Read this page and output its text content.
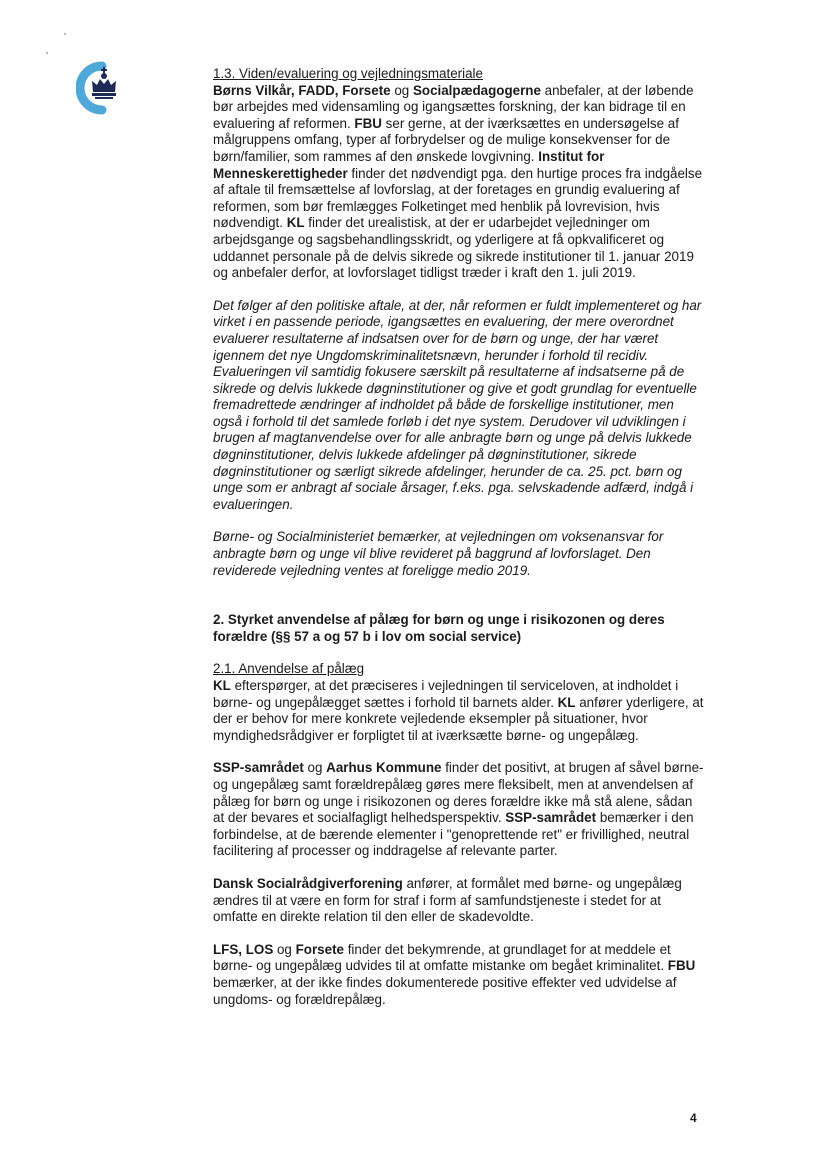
1.3. Viden/evaluering og vejledningsmateriale

Børns Vilkår, FADD, Forsete og Socialpædagogerne anbefaler, at der løbende bør arbejdes med vidensamling og igangsættes forskning, der kan bidrage til en evaluering af reformen. FBU ser gerne, at der iværksættes en undersøgelse af målgruppens omfang, typer af forbrydelser og de mulige konsekvenser for de børn/familier, som rammes af den ønskede lovgivning. Institut for Menneskerettigheder finder det nødvendigt pga. den hurtige proces fra indgåelse af aftale til fremsættelse af lovforslag, at der foretages en grundig evaluering af reformen, som bør fremlægges Folketinget med henblik på lovrevision, hvis nødvendigt. KL finder det urealistisk, at der er udarbejdet vejledninger om arbejdsgange og sagsbehandlingsskridt, og yderligere at få opkvalificeret og uddannet personale på de delvis sikrede og sikrede institutioner til 1. januar 2019 og anbefaler derfor, at lovforslaget tidligst træder i kraft den 1. juli 2019.

Det følger af den politiske aftale, at der, når reformen er fuldt implementeret og har virket i en passende periode, igangsættes en evaluering, der mere overordnet evaluerer resultaterne af indsatsen over for de børn og unge, der har været igennem det nye Ungdomskriminalitetsnævn, herunder i forhold til recidiv. Evalueringen vil samtidig fokusere særskilt på resultaterne af indsatserne på de sikrede og delvis lukkede døgninstitutioner og give et godt grundlag for eventuelle fremadrettede ændringer af indholdet på både de forskellige institutioner, men også i forhold til det samlede forløb i det nye system. Derudover vil udviklingen i brugen af magtanvendelse over for alle anbragte børn og unge på delvis lukkede døgninstitutioner, delvis lukkede afdelinger på døgninstitutioner, sikrede døgninstitutioner og særligt sikrede afdelinger, herunder de ca. 25. pct. børn og unge som er anbragt af sociale årsager, f.eks. pga. selvskadende adfærd, indgå i evalueringen.

Børne- og Socialministeriet bemærker, at vejledningen om voksenansvar for anbragte børn og unge vil blive revideret på baggrund af lovforslaget. Den reviderede vejledning ventes at foreligge medio 2019.

2. Styrket anvendelse af pålæg for børn og unge i risikozonen og deres forældre (§§ 57 a og 57 b i lov om social service)

2.1. Anvendelse af pålæg

KL efterspørger, at det præciseres i vejledningen til serviceloven, at indholdet i børne- og ungepålægget sættes i forhold til barnets alder. KL anfører yderligere, at der er behov for mere konkrete vejledende eksempler på situationer, hvor myndighedsrådgiver er forpligtet til at iværksætte børne- og ungepålæg.

SSP-samrådet og Aarhus Kommune finder det positivt, at brugen af såvel børne- og ungepålæg samt forældrepålæg gøres mere fleksibelt, men at anvendelsen af pålæg for børn og unge i risikozonen og deres forældre ikke må stå alene, sådan at der bevares et socialfagligt helhedsperspektiv. SSP-samrådet bemærker i den forbindelse, at de bærende elementer i "genoprettende ret" er frivillighed, neutral facilitering af processer og inddragelse af relevante parter.

Dansk Socialrådgiverforening anfører, at formålet med børne- og ungepålæg ændres til at være en form for straf i form af samfundstjeneste i stedet for at omfatte en direkte relation til den eller de skadevoldte.

LFS, LOS og Forsete finder det bekymrende, at grundlaget for at meddele et børne- og ungepålæg udvides til at omfatte mistanke om begået kriminalitet. FBU bemærker, at der ikke findes dokumenterede positive effekter ved udvidelse af ungdoms- og forældrepålæg.

4
